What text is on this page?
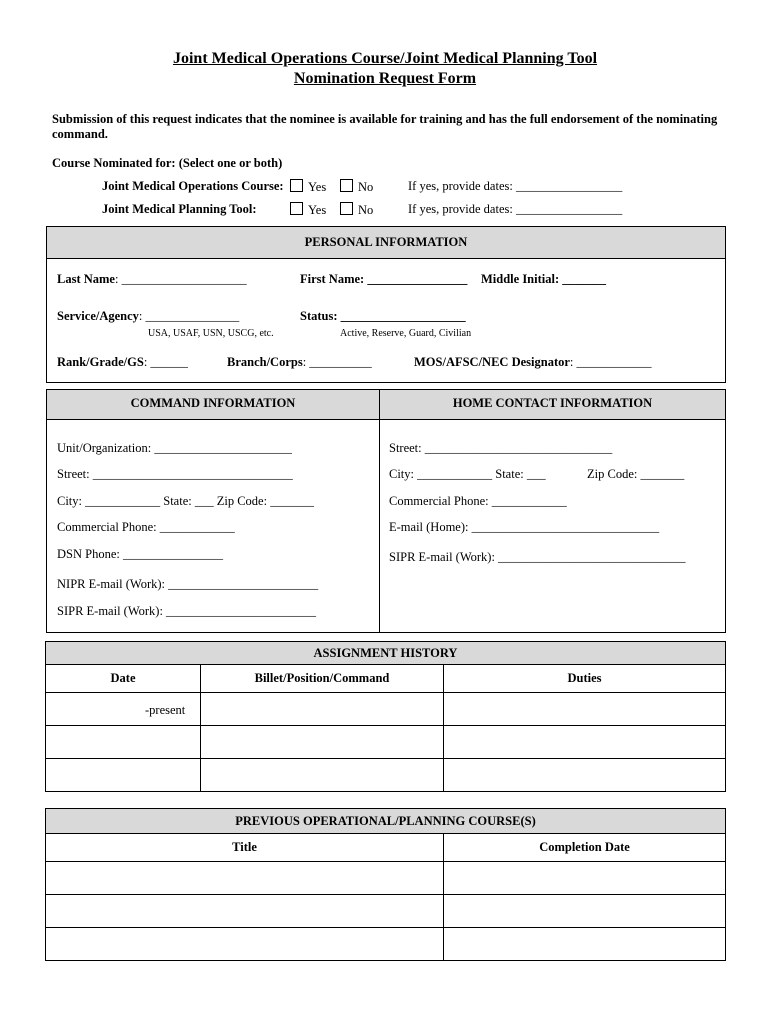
Joint Medical Operations Course/Joint Medical Planning Tool
Nomination Request Form
Submission of this request indicates that the nominee is available for training and has the full endorsement of the nominating command.
Course Nominated for: (Select one or both)
Joint Medical Operations Course:	Yes	No	If yes, provide dates: _________________
Joint Medical Planning Tool:	Yes	No	If yes, provide dates: _________________
PERSONAL INFORMATION
Last Name: ____________________	First Name: ________________ Middle Initial: _______
Service/Agency: _______________	Status: ____________________
USA, USAF, USN, USCG, etc.	Active, Reserve, Guard, Civilian
Rank/Grade/GS: ______	Branch/Corps: __________	MOS/AFSC/NEC Designator: ____________
COMMAND INFORMATION	HOME CONTACT INFORMATION
Unit/Organization: ______________________
Street: ________________________________
City: ____________ State: ___ Zip Code: _______
Commercial Phone: ____________
DSN Phone: ________________
NIPR E-mail (Work): ________________________
SIPR E-mail (Work): ________________________
Street: ______________________________
City: ____________ State: ___	Zip Code: _______
Commercial Phone: ____________
E-mail (Home): ______________________________
SIPR E-mail (Work): ______________________________
ASSIGNMENT HISTORY
Date	Billet/Position/Command	Duties
-present
PREVIOUS OPERATIONAL/PLANNING COURSE(S)
Title	Completion Date
